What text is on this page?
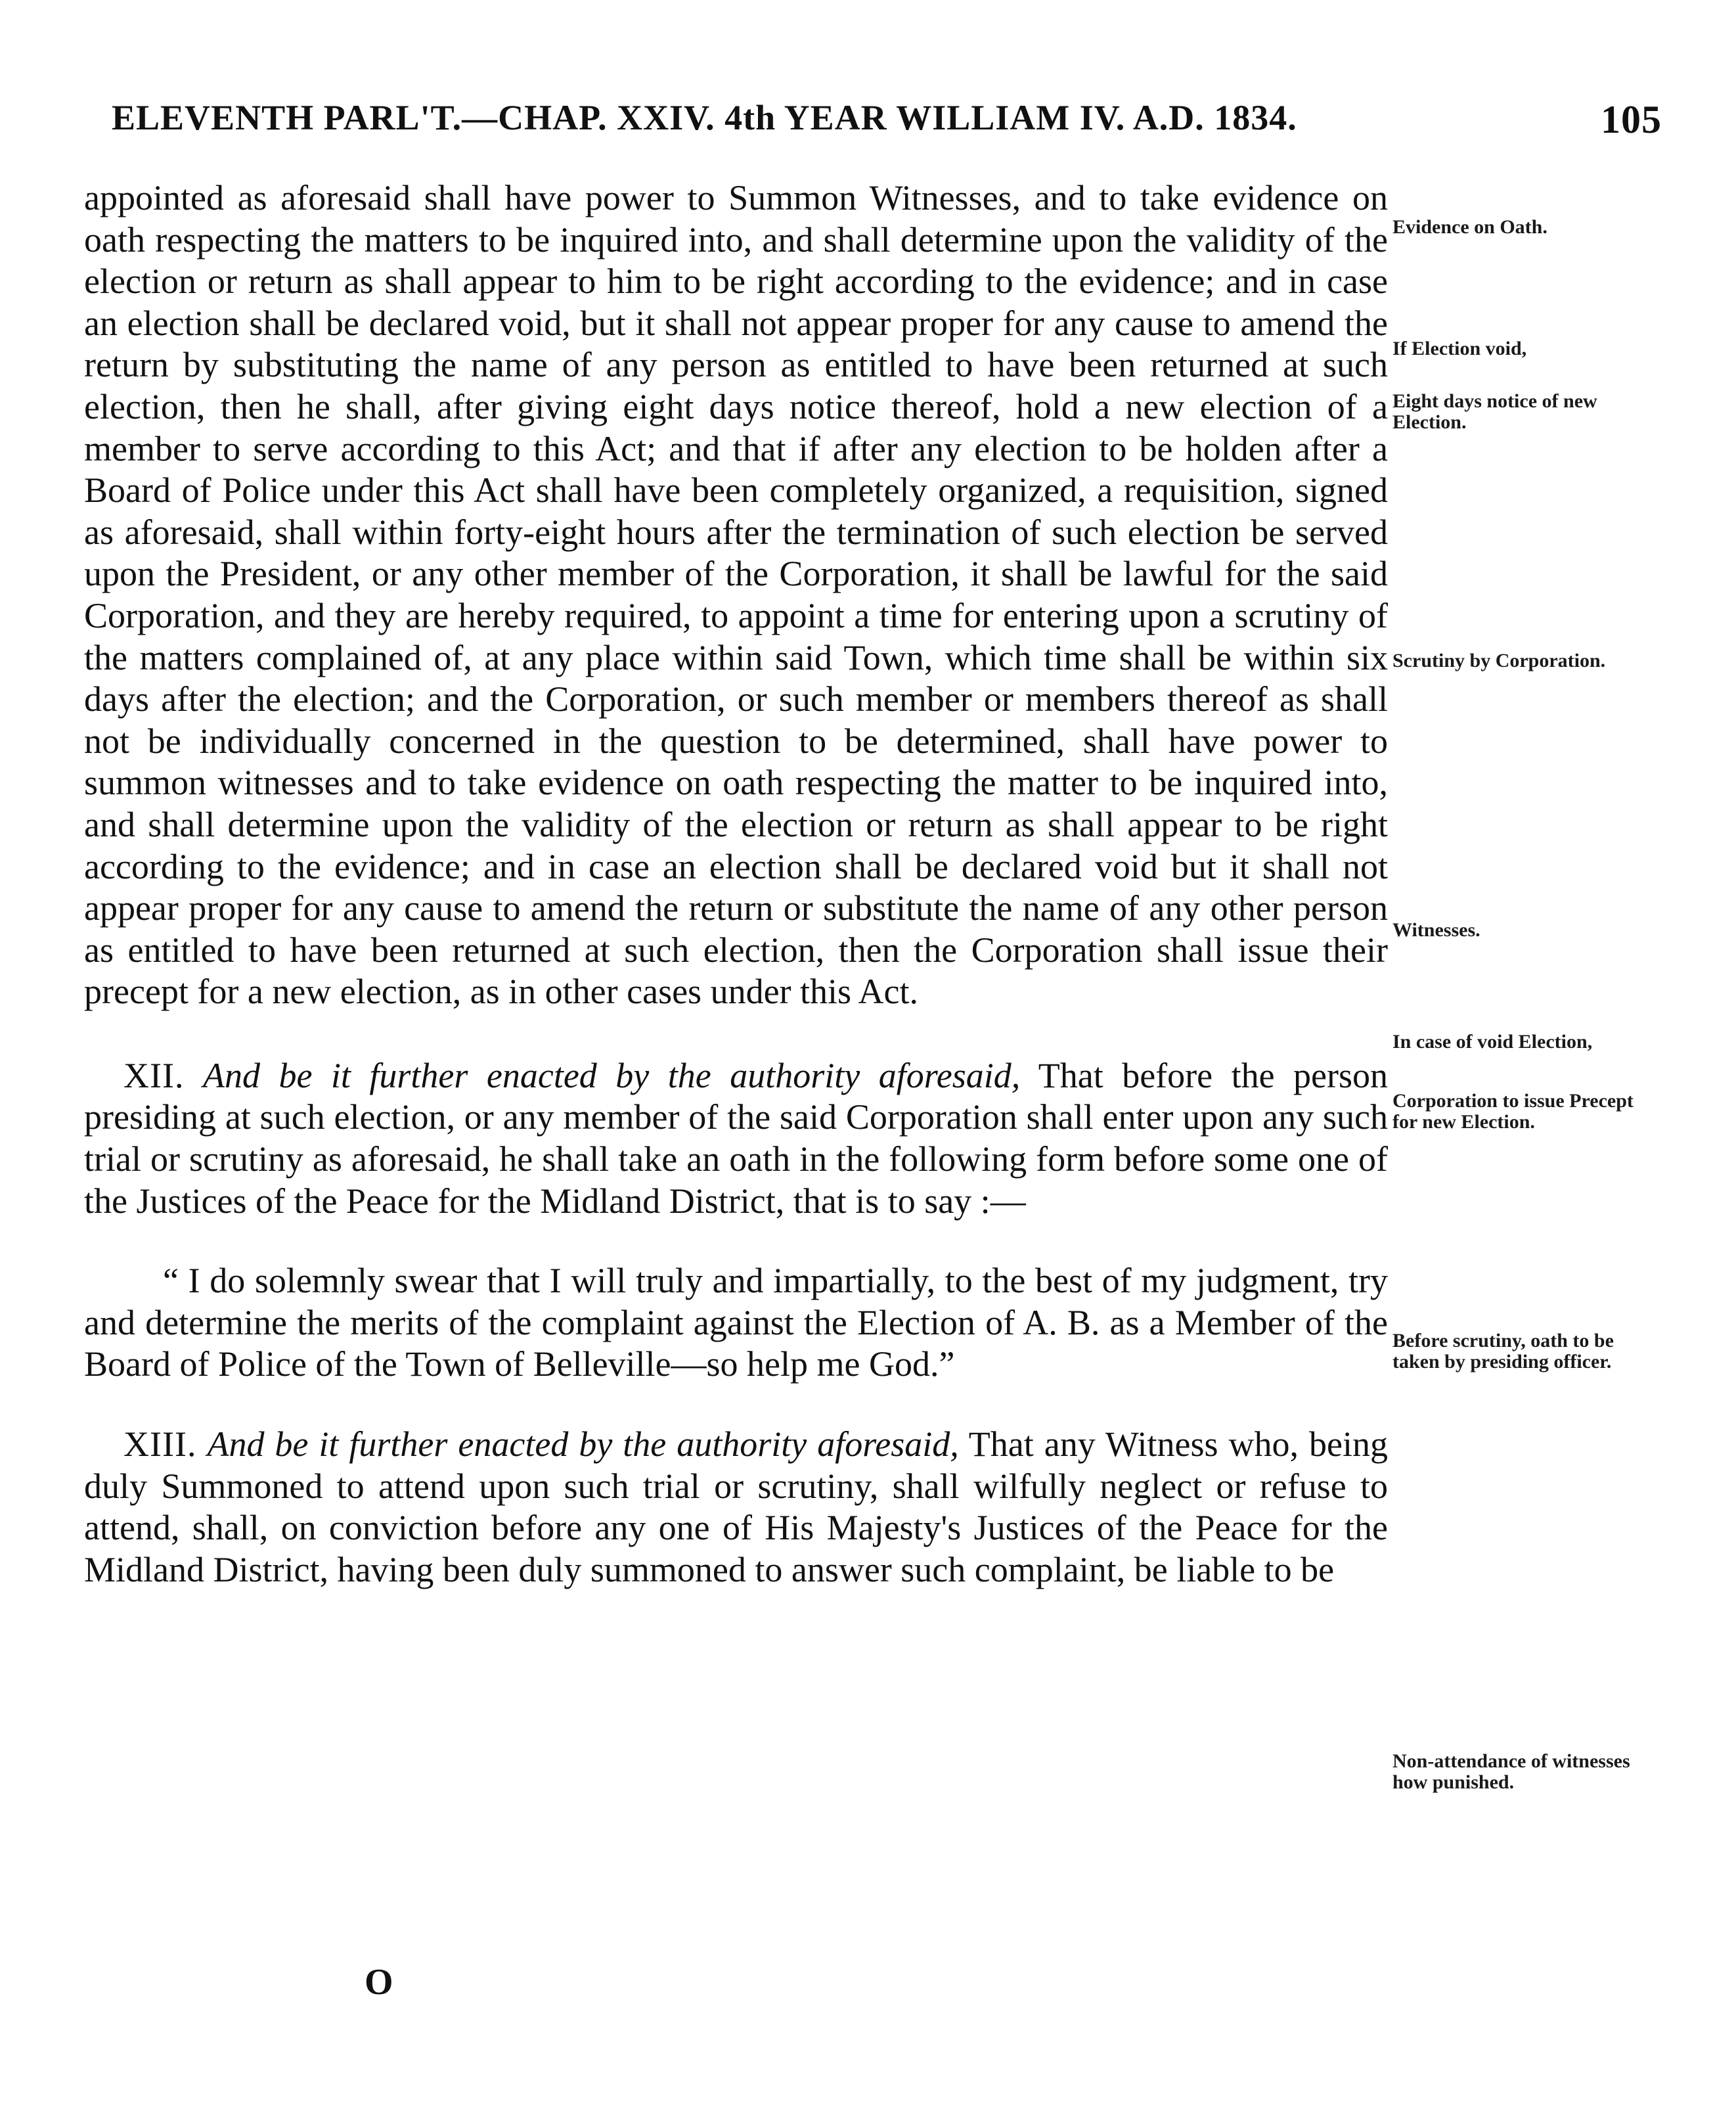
ELEVENTH PARL'T.—CHAP. XXIV. 4th YEAR WILLIAM IV. A.D. 1834.	105

appointed as aforesaid shall have power to Summon Witnesses, and to take evidence on oath respecting the matters to be inquired into, and shall determine upon the validity of the election or return as shall appear to him to be right according to the evidence; and in case an election shall be declared void, but it shall not appear proper for any cause to amend the return by substituting the name of any person as entitled to have been returned at such election, then he shall, after giving eight days notice thereof, hold a new election of a member to serve according to this Act; and that if after any election to be holden after a Board of Police under this Act shall have been completely organized, a requisition, signed as aforesaid, shall within forty-eight hours after the termination of such election be served upon the President, or any other member of the Corporation, it shall be lawful for the said Corporation, and they are hereby required, to appoint a time for entering upon a scrutiny of the matters complained of, at any place within said Town, which time shall be within six days after the election; and the Corporation, or such member or members thereof as shall not be individually concerned in the question to be determined, shall have power to summon witnesses and to take evidence on oath respecting the matter to be inquired into, and shall determine upon the validity of the election or return as shall appear to be right according to the evidence; and in case an election shall be declared void but it shall not appear proper for any cause to amend the return or substitute the name of any other person as entitled to have been returned at such election, then the Corporation shall issue their precept for a new election, as in other cases under this Act.

XII. And be it further enacted by the authority aforesaid, That before the person presiding at such election, or any member of the said Corporation shall enter upon any such trial or scrutiny as aforesaid, he shall take an oath in the following form before some one of the Justices of the Peace for the Midland District, that is to say :—

“ I do solemnly swear that I will truly and impartially, to the best of my judgment, try and determine the merits of the complaint against the Election of A. B. as a Member of the Board of Police of the Town of Belleville—so help me God.”

XIII. And be it further enacted by the authority aforesaid, That any Witness who, being duly Summoned to attend upon such trial or scrutiny, shall wilfully neglect or refuse to attend, shall, on conviction before any one of His Majesty's Justices of the Peace for the Midland District, having been duly summoned to answer such complaint, be liable to be

O
Evidence on Oath.
If Election void,
Eight days notice of new Election.
Scrutiny by Corporation.
Witnesses.
In case of void Election,
Corporation to issue Precept for new Election.
Before scrutiny, oath to be taken by presiding officer.
Non-attendance of witnesses how punished.
